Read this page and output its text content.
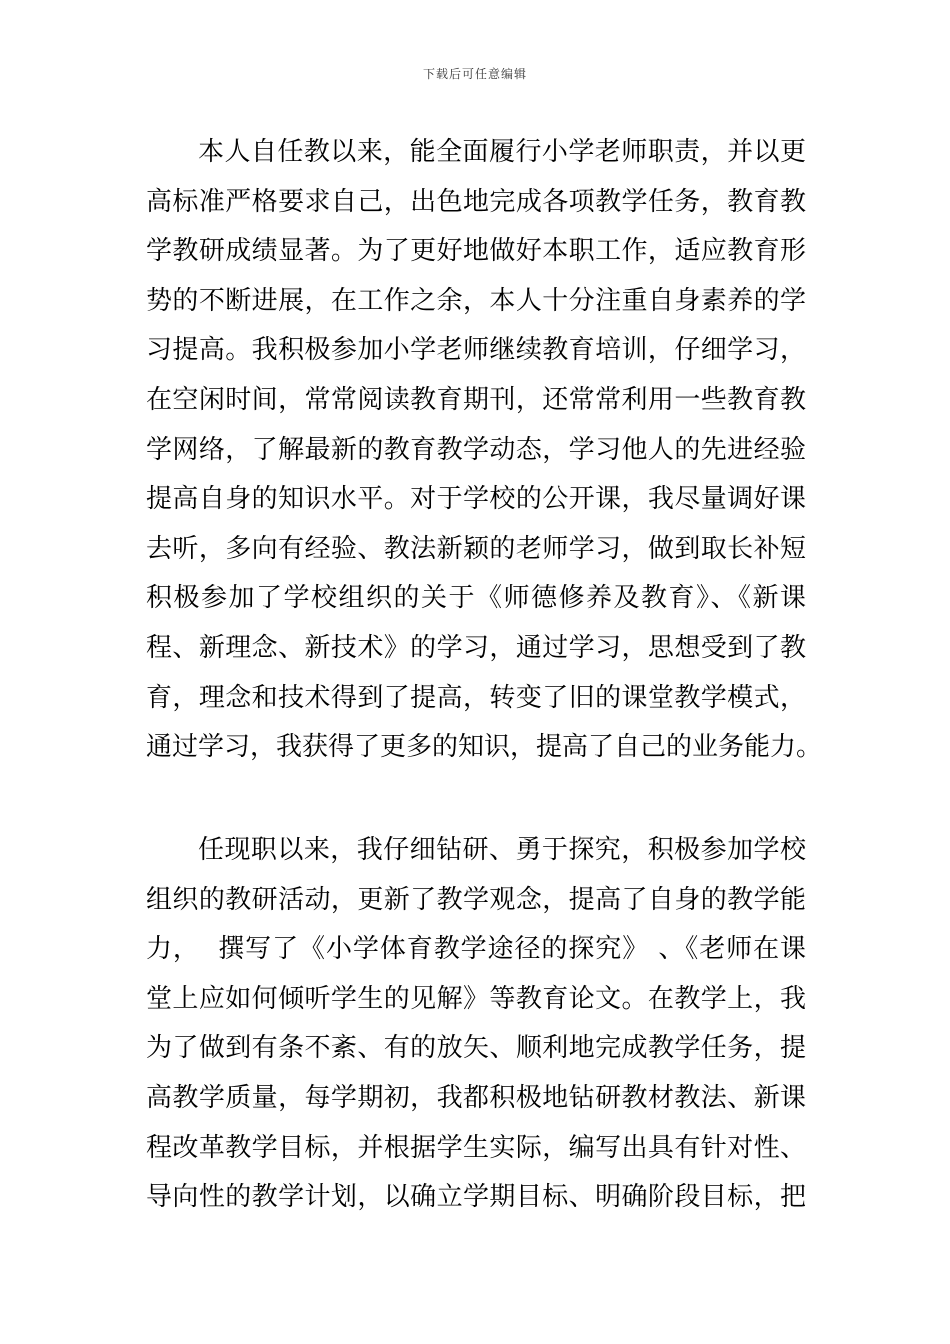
下载后可任意编辑
本人自任教以来，能全面履行小学老师职责，并以更
高标准严格要求自己，出色地完成各项教学任务，教育教
学教研成绩显著。为了更好地做好本职工作，适应教育形
势的不断进展，在工作之余，本人十分注重自身素养的学
习提高。我积极参加小学老师继续教育培训，仔细学习，
在空闲时间，常常阅读教育期刊，还常常利用一些教育教
学网络，了解最新的教育教学动态，学习他人的先进经验
提高自身的知识水平。对于学校的公开课，我尽量调好课
去听，多向有经验、教法新颖的老师学习，做到取长补短
积极参加了学校组织的关于《师德修养及教育》、《新课
程、新理念、新技术》的学习，通过学习，思想受到了教
育，理念和技术得到了提高，转变了旧的课堂教学模式，
通过学习，我获得了更多的知识，提高了自己的业务能力。
任现职以来，我仔细钻研、勇于探究，积极参加学校
组织的教研活动，更新了教学观念，提高了自身的教学能
力，  撰写了《小学体育教学途径的探究》 、《老师在课
堂上应如何倾听学生的见解》等教育论文。在教学上，我
为了做到有条不紊、有的放矢、顺利地完成教学任务，提
高教学质量，每学期初，我都积极地钻研教材教法、新课
程改革教学目标，并根据学生实际，编写出具有针对性、
导向性的教学计划，以确立学期目标、明确阶段目标，把
